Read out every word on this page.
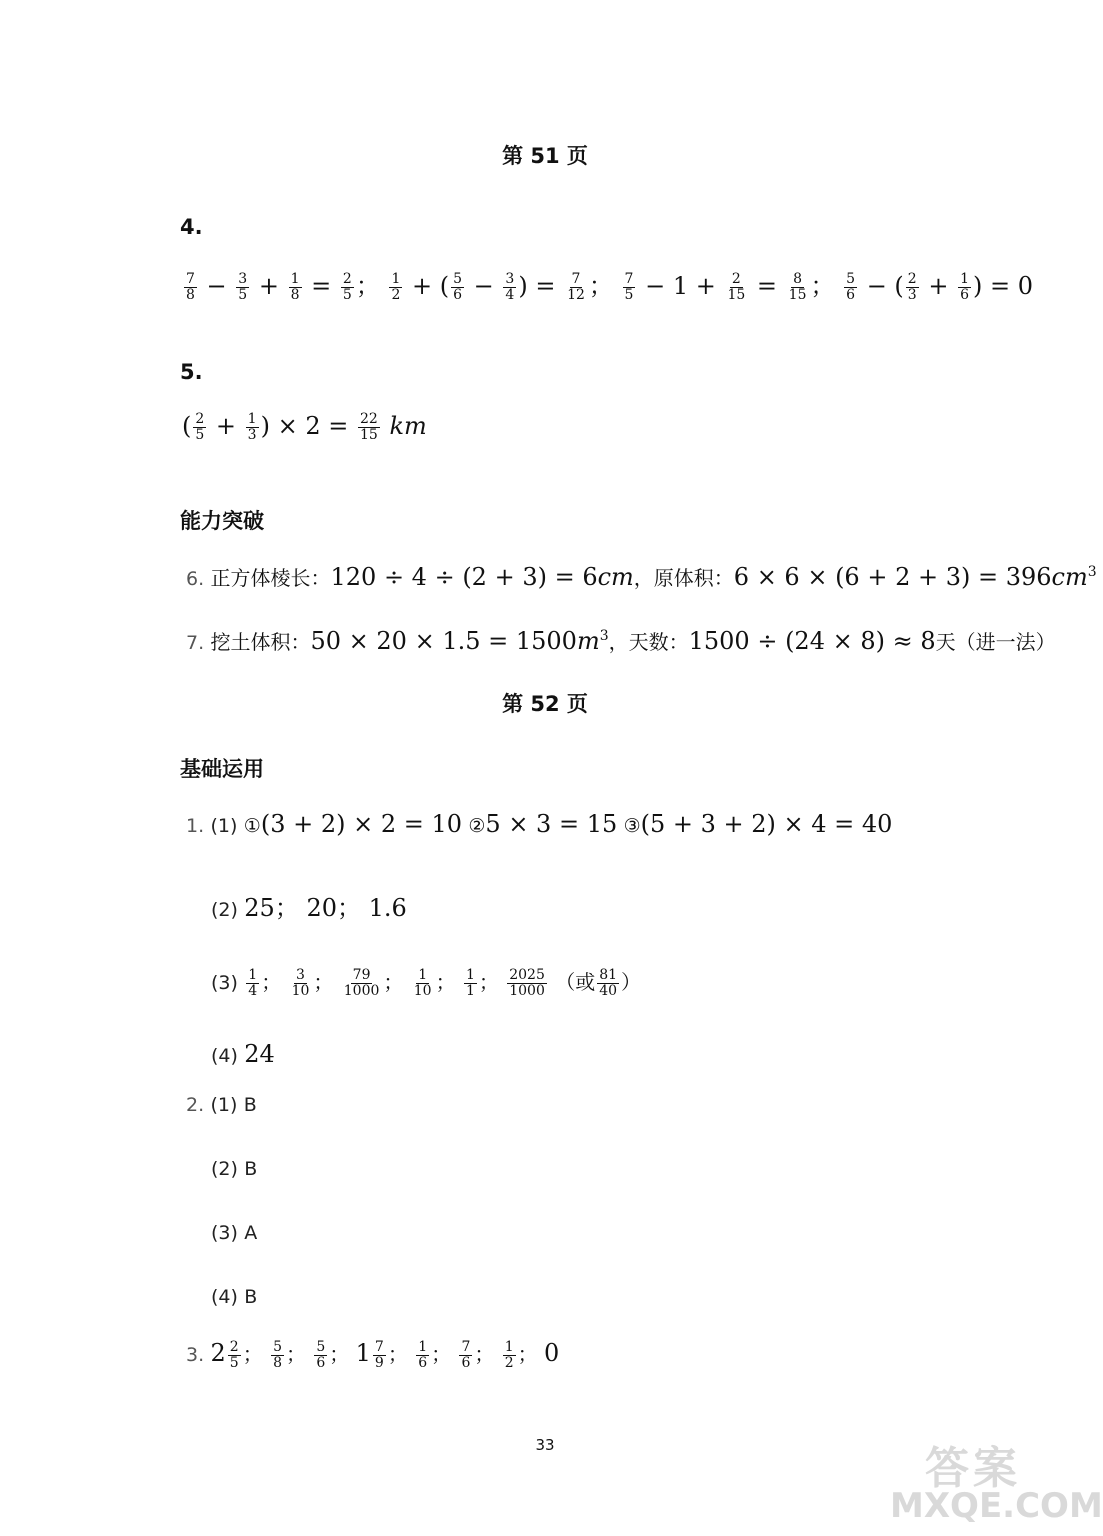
第 51 页
4.
$\frac{7}{8} - \frac{3}{5} + \frac{1}{8} = \frac{2}{5}$ ； $\frac{1}{2}$ + ( $\frac{5}{6} - \frac{3}{4}$ ) = $\frac{7}{12}$ ； $\frac{7}{5} - 1 + \frac{2}{15} = \frac{8}{15}$ ； $\frac{5}{6}$ − ( $\frac{2}{3} + \frac{1}{6}$ ) = 0
5.
( $\frac{2}{5} + \frac{1}{3}$ ) × $2 = \frac{22}{15}$ km
能力突破
6. 正方体棱长：120 ÷ 4 ÷ (2 + 3) = 6cm，原体积：$6 \times 6 \times (6 + 2 + 3) = 396cm^3$
7. 挖土体积：$50 \times 20 \times 1.5 = 1500m^3$，天数：1500 ÷ (24 × 8) ≈ 8天（进一法）
第 52 页
基础运用
1. (1) ①(3 + 2) × 2 = 10 ②5 × 3 = 15 ③(5 + 3 + 2) × 4 = 40
(2) 25； 20； 1.6
$(3) \frac{1}{4}$ ； $\frac{3}{10}$ ； $\frac{79}{1000}$ ； $\frac{1}{10}$ ； $\frac{1}{1}$ ； $\frac{2025}{1000}$ （或 $\frac{81}{40}$ ）
(4) 24
2. (1) B
(2) B
(3) A
(4) B
3. $2 \frac{2}{5}$ ； $\frac{5}{8}$ ； $\frac{5}{6}$ ； $1 \frac{7}{9}$ ； $\frac{1}{6}$ ； $\frac{7}{6}$ ； $\frac{1}{2}$ ； 0
33	答案
MXQE.COM
